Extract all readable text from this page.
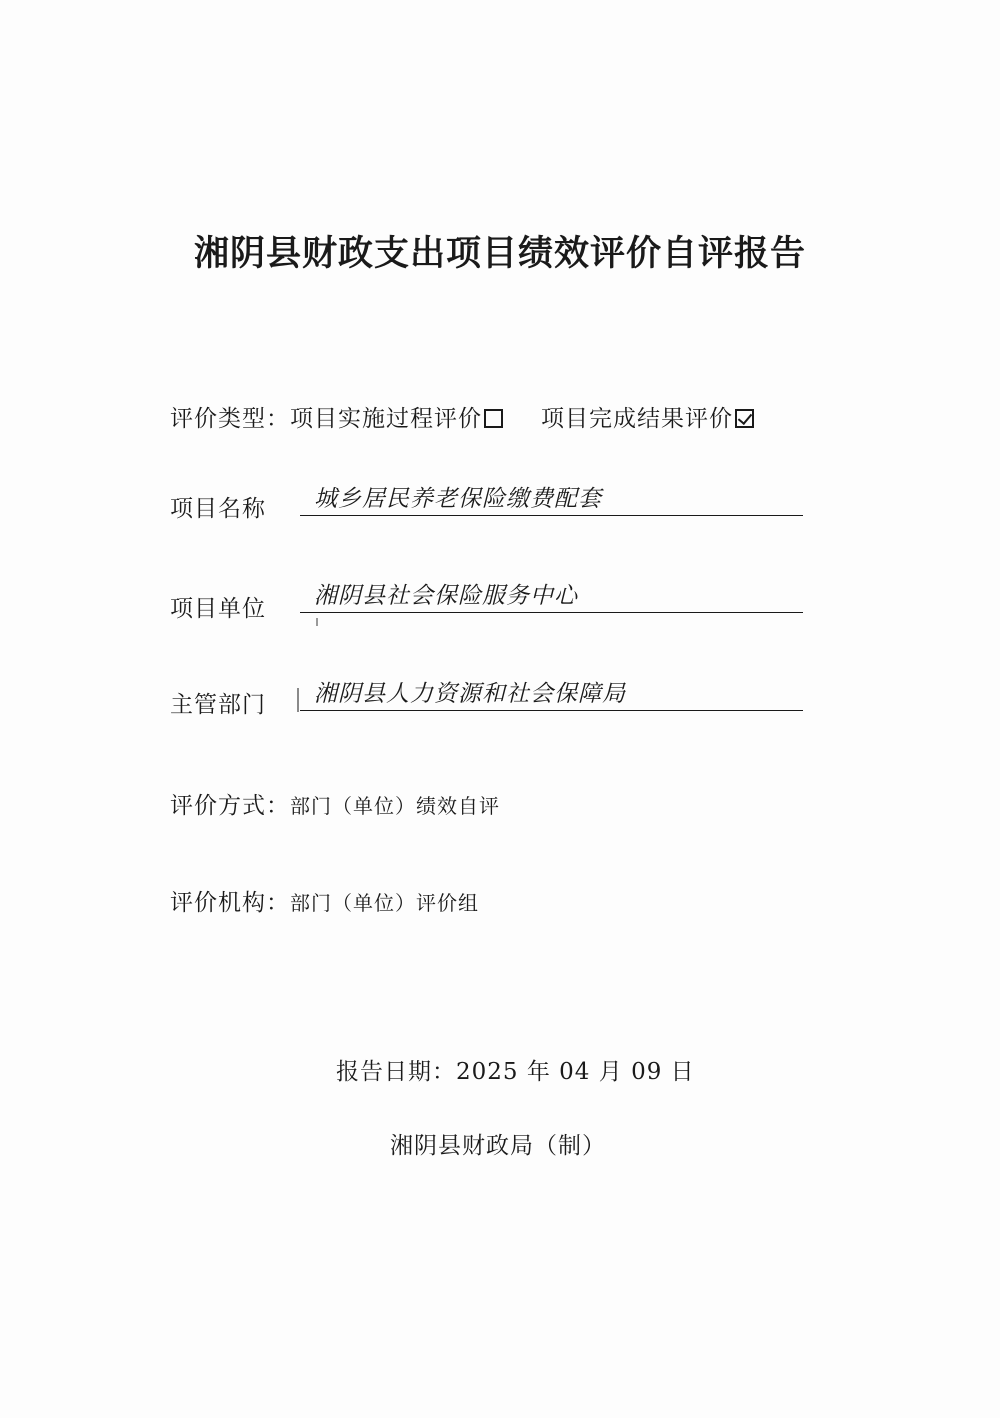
湘阴县财政支出项目绩效评价自评报告
评价类型：项目实施过程评价	项目完成结果评价
项目名称 城乡居民养老保险缴费配套
项目单位 湘阴县社会保险服务中心
主管部门 湘阴县人力资源和社会保障局
评价方式：部门（单位）绩效自评
评价机构：部门（单位）评价组
报告日期：2025 年 04 月 09 日
湘阴县财政局（制）
